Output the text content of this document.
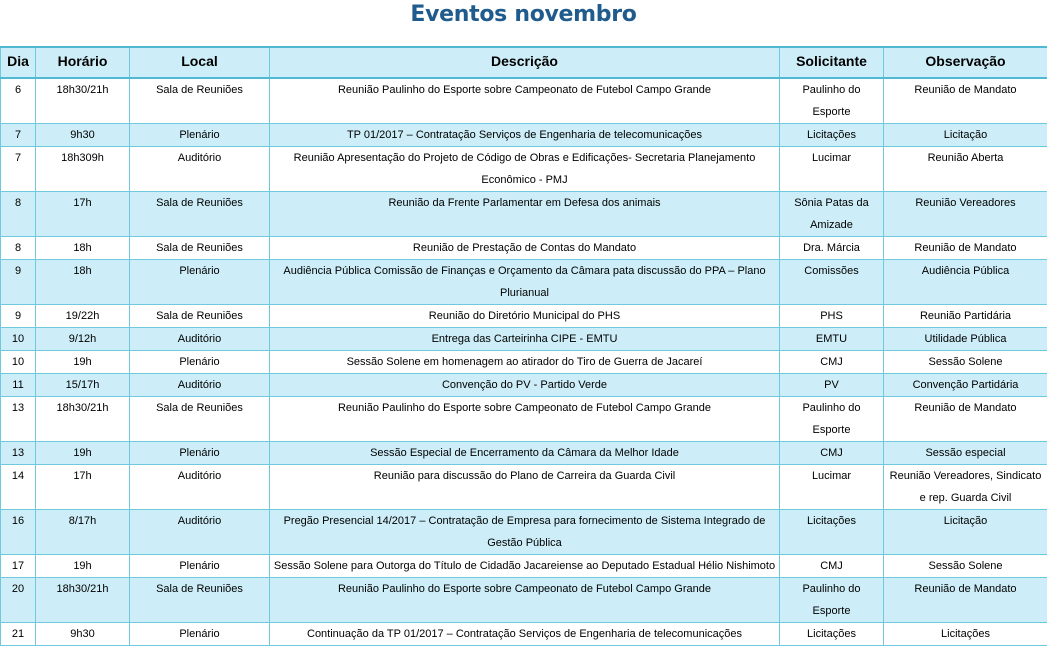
Eventos novembro
Dia	Horário	Local	Descrição	Solicitante	Observação
6	18h30/21h	Sala de Reuniões	Reunião Paulinho do Esporte sobre Campeonato de Futebol Campo Grande	Paulinho do Esporte	Reunião de Mandato
7	9h30	Plenário	TP 01/2017 – Contratação Serviços de Engenharia de telecomunicações	Licitações	Licitação
7	18h309h	Auditório	Reunião Apresentação do Projeto de Código de Obras e Edificações- Secretaria Planejamento Econômico - PMJ	Lucimar	Reunião Aberta
8	17h	Sala de Reuniões	Reunião da Frente Parlamentar em Defesa dos animais	Sônia Patas da Amizade	Reunião Vereadores
8	18h	Sala de Reuniões	Reunião de Prestação de Contas do Mandato	Dra. Márcia	Reunião de Mandato
9	18h	Plenário	Audiência Pública Comissão de Finanças e Orçamento da Câmara pata discussão do PPA – Plano Plurianual	Comissões	Audiência Pública
9	19/22h	Sala de Reuniões	Reunião do Diretório Municipal do PHS	PHS	Reunião Partidária
10	9/12h	Auditório	Entrega das Carteirinha CIPE - EMTU	EMTU	Utilidade Pública
10	19h	Plenário	Sessão Solene em homenagem ao atirador do Tiro de Guerra de Jacareí	CMJ	Sessão Solene
11	15/17h	Auditório	Convenção do PV - Partido Verde	PV	Convenção Partidária
13	18h30/21h	Sala de Reuniões	Reunião Paulinho do Esporte sobre Campeonato de Futebol Campo Grande	Paulinho do Esporte	Reunião de Mandato
13	19h	Plenário	Sessão Especial de Encerramento da Câmara da Melhor Idade	CMJ	Sessão especial
14	17h	Auditório	Reunião para discussão do Plano de Carreira da Guarda Civil	Lucimar	Reunião Vereadores, Sindicato e rep. Guarda Civil
16	8/17h	Auditório	Pregão Presencial 14/2017 – Contratação de Empresa para fornecimento de Sistema Integrado de Gestão Pública	Licitações	Licitação
17	19h	Plenário	Sessão Solene para Outorga do Título de Cidadão Jacareiense ao Deputado Estadual Hélio Nishimoto	CMJ	Sessão Solene
20	18h30/21h	Sala de Reuniões	Reunião Paulinho do Esporte sobre Campeonato de Futebol Campo Grande	Paulinho do Esporte	Reunião de Mandato
21	9h30	Plenário	Continuação da TP 01/2017 – Contratação Serviços de Engenharia de telecomunicações	Licitações	Licitações
